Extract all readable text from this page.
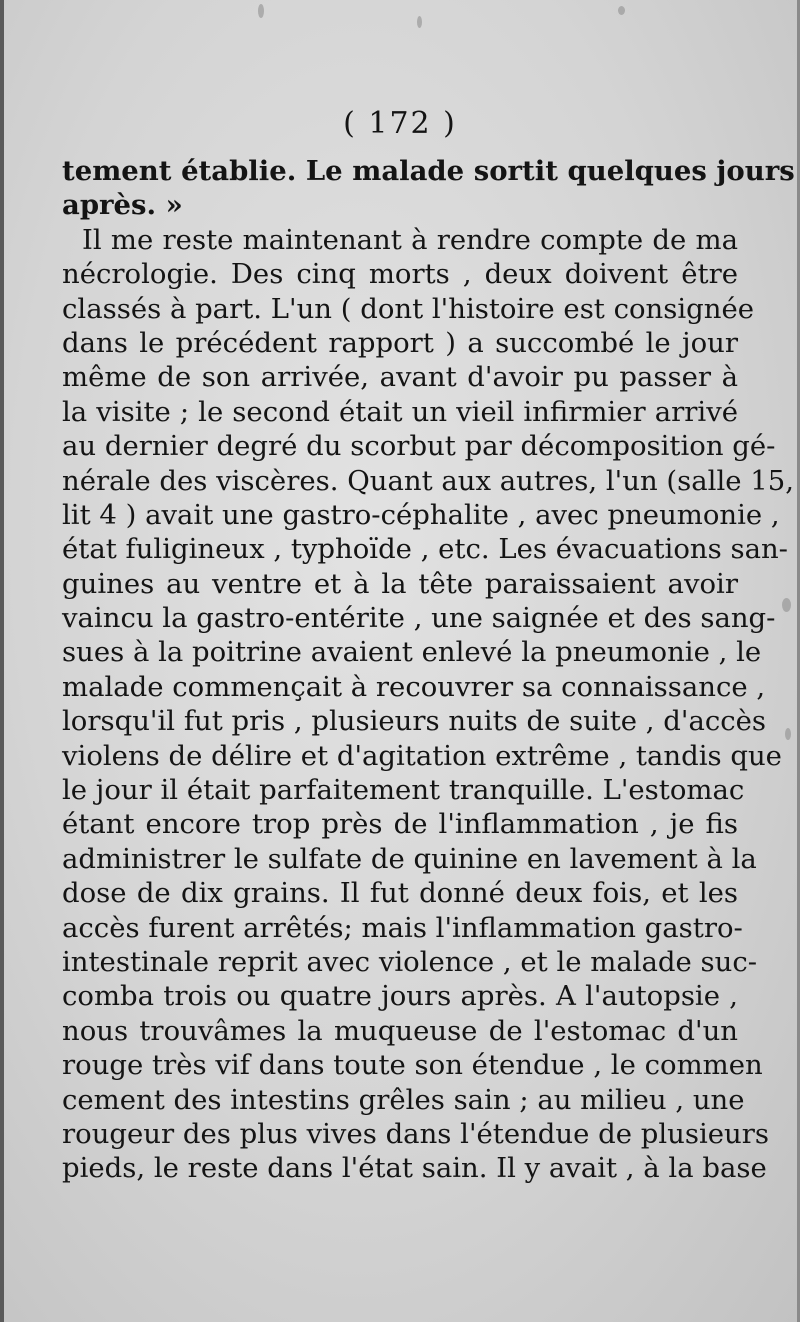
( 172 )
tement établie. Le malade sortit quelques jours
après. »
Il me reste maintenant à rendre compte de ma
nécrologie. Des cinq morts , deux doivent être
classés à part. L'un ( dont l'histoire est consignée
dans le précédent rapport ) a succombé le jour
même de son arrivée, avant d'avoir pu passer à
la visite ; le second était un vieil infirmier arrivé
au dernier degré du scorbut par décomposition gé-
nérale des viscères. Quant aux autres, l'un (salle 15,
lit 4 ) avait une gastro-céphalite , avec pneumonie ,
état fuligineux , typhoïde , etc. Les évacuations san-
guines au ventre et à la tête paraissaient avoir
vaincu la gastro-entérite , une saignée et des sang-
sues à la poitrine avaient enlevé la pneumonie , le
malade commençait à recouvrer sa connaissance ,
lorsqu'il fut pris , plusieurs nuits de suite , d'accès
violens de délire et d'agitation extrême , tandis que
le jour il était parfaitement tranquille. L'estomac
étant encore trop près de l'inflammation , je fis
administrer le sulfate de quinine en lavement à la
dose de dix grains. Il fut donné deux fois, et les
accès furent arrêtés; mais l'inflammation gastro-
intestinale reprit avec violence , et le malade suc-
comba trois ou quatre jours après. A l'autopsie ,
nous trouvâmes la muqueuse de l'estomac d'un
rouge très vif dans toute son étendue , le commen
cement des intestins grêles sain ; au milieu , une
rougeur des plus vives dans l'étendue de plusieurs
pieds, le reste dans l'état sain. Il y avait , à la base
